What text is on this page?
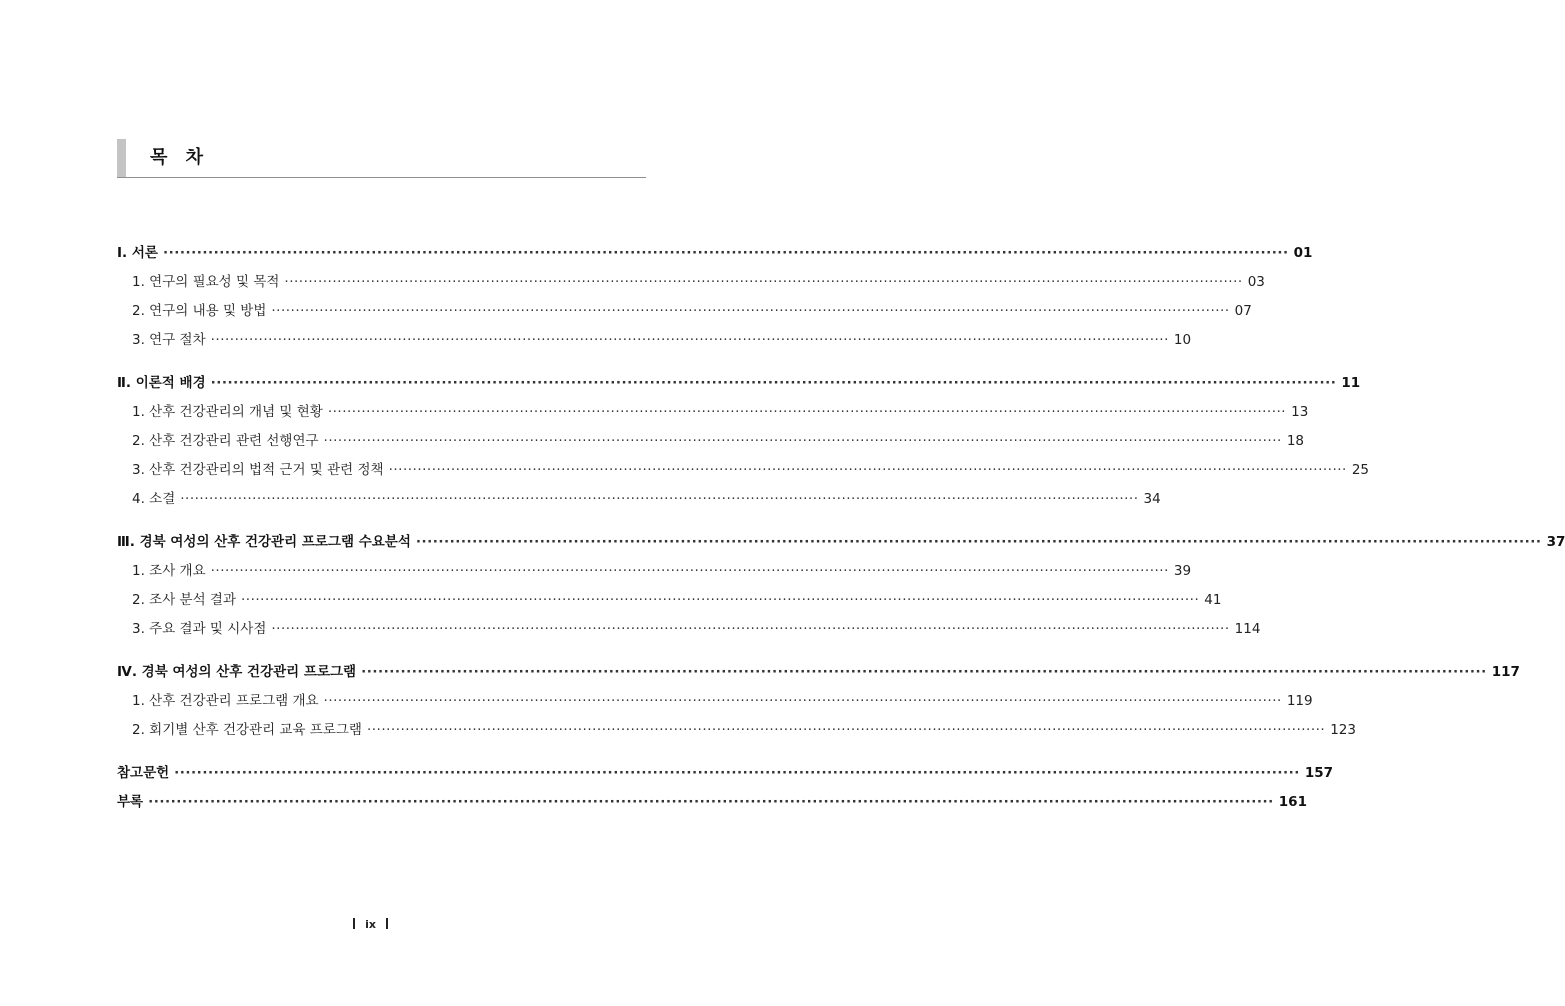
목 차
Ⅰ. 서론 ········································································································································································································ 01
1. 연구의 필요성 및 목적 ········································································································································································································ 03
2. 연구의 내용 및 방법 ········································································································································································································ 07
3. 연구 절차 ········································································································································································································ 10
Ⅱ. 이론적 배경 ········································································································································································································ 11
1. 산후 건강관리의 개념 및 현황 ········································································································································································································ 13
2. 산후 건강관리 관련 선행연구 ········································································································································································································ 18
3. 산후 건강관리의 법적 근거 및 관련 정책 ········································································································································································································ 25
4. 소결 ········································································································································································································ 34
Ⅲ. 경북 여성의 산후 건강관리 프로그램 수요분석 ········································································································································································································ 37
1. 조사 개요 ········································································································································································································ 39
2. 조사 분석 결과 ········································································································································································································ 41
3. 주요 결과 및 시사점 ········································································································································································································ 114
Ⅳ. 경북 여성의 산후 건강관리 프로그램 ········································································································································································································ 117
1. 산후 건강관리 프로그램 개요 ········································································································································································································ 119
2. 회기별 산후 건강관리 교육 프로그램 ········································································································································································································ 123
참고문헌 ········································································································································································································ 157
부록 ········································································································································································································ 161
ix
